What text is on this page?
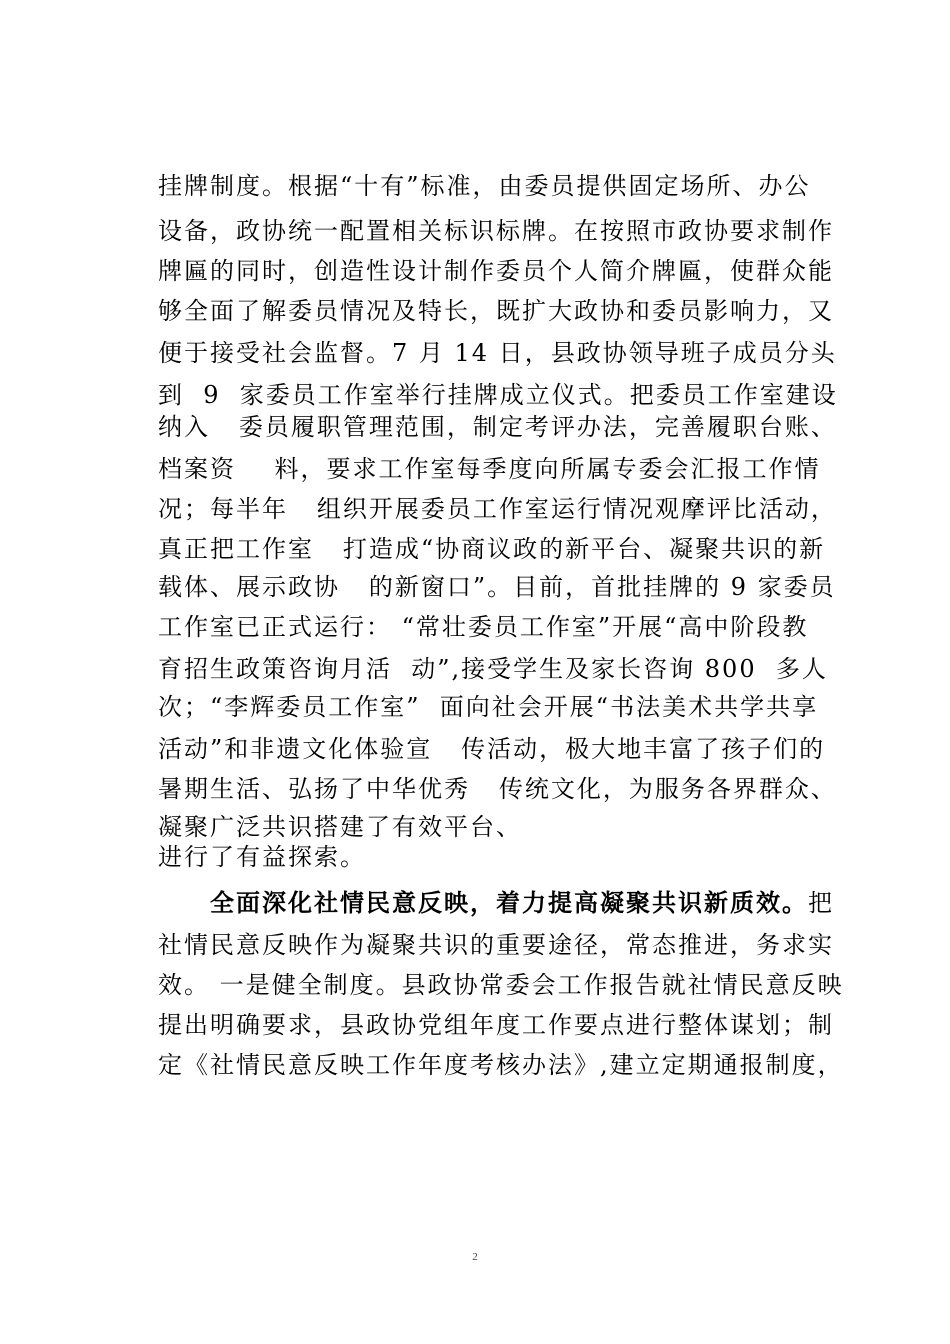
挂牌制度。根据“十有”标准，由委员提供固定场所、办公
设备，政协统一配置相关标识标牌。在按照市政协要求制作
牌匾的同时，创造性设计制作委员个人简介牌匾，使群众能
够全面了解委员情况及特长，既扩大政协和委员影响力，又
便于接受社会监督。7 月 14 日，县政协领导班子成员分头
到  9  家委员工作室举行挂牌成立仪式。把委员工作室建设
纳入   委员履职管理范围，制定考评办法，完善履职台账、
档案资    料，要求工作室每季度向所属专委会汇报工作情
况；每半年   组织开展委员工作室运行情况观摩评比活动，
真正把工作室   打造成“协商议政的新平台、凝聚共识的新
载体、展示政协   的新窗口”。目前，首批挂牌的 9 家委员
工作室已正式运行： “常壮委员工作室”开展“高中阶段教
育招生政策咨询月活  动”,接受学生及家长咨询 800  多人
次；“李辉委员工作室”  面向社会开展“书法美术共学共享
活动”和非遗文化体验宣   传活动，极大地丰富了孩子们的
暑期生活、弘扬了中华优秀   传统文化，为服务各界群众、
凝聚广泛共识搭建了有效平台、
进行了有益探索。
全面深化社情民意反映，着力提高凝聚共识新质效。把
社情民意反映作为凝聚共识的重要途径，常态推进，务求实
效。 一是健全制度。县政协常委会工作报告就社情民意反映
提出明确要求，县政协党组年度工作要点进行整体谋划；制
定《社情民意反映工作年度考核办法》,建立定期通报制度，
2
